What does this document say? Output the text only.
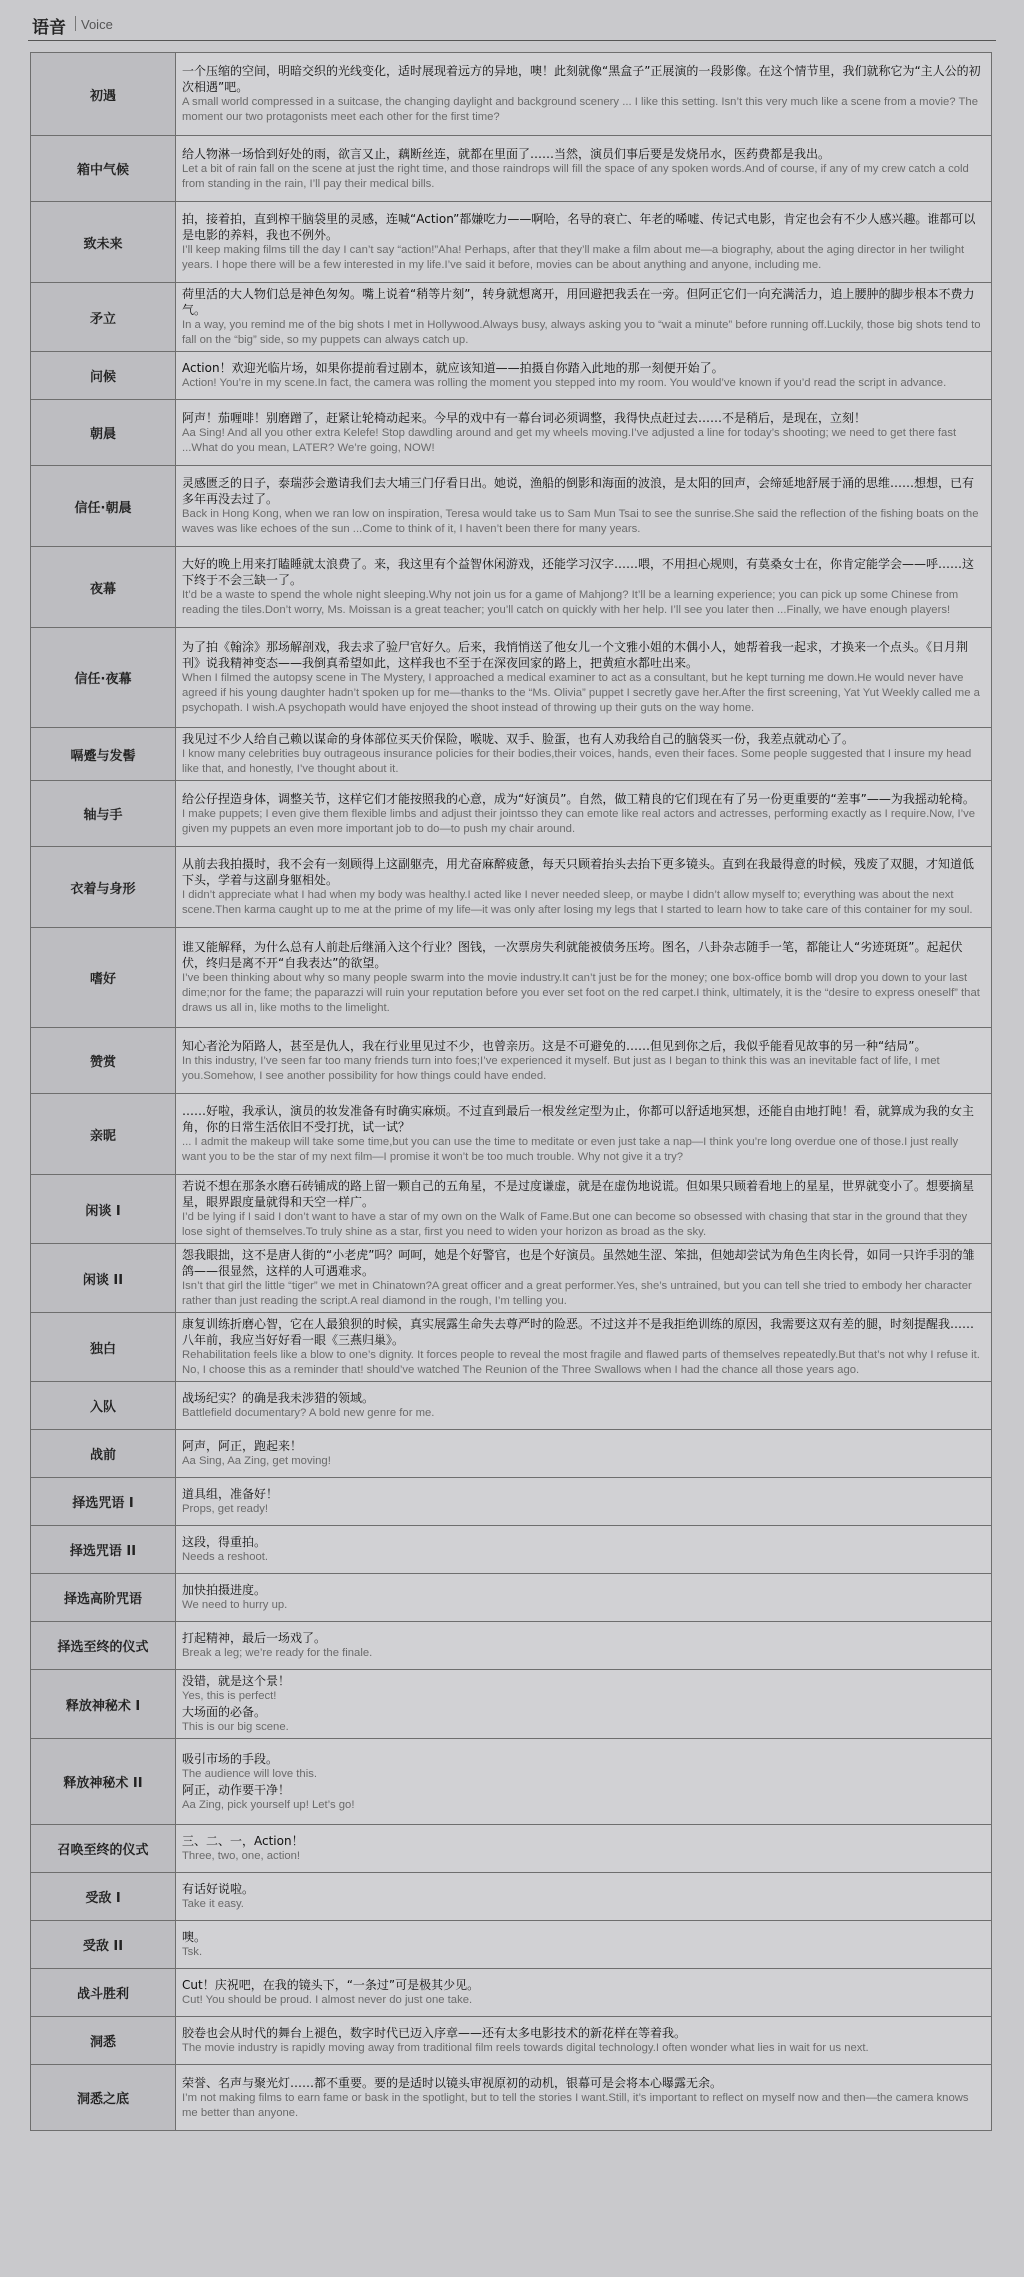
语音 Voice
初遇	一个压缩的空间，明暗交织的光线变化，适时展现着远方的异地，噢！此刻就像“黑盒子”正展演的一段影像。在这个情节里，我们就称它为“主人公的初次相遇”吧。
A small world compressed in a suitcase, the changing daylight and background scenery ... I like this setting. Isn’t this very much like a scene from a movie? The moment our two protagonists meet each other for the first time?

箱中气候	给人物淋一场恰到好处的雨，欲言又止，藕断丝连，就都在里面了……当然，演员们事后要是发烧吊水，医药费都是我出。
Let a bit of rain fall on the scene at just the right time, and those raindrops will fill the space of any spoken words.And of course, if any of my crew catch a cold from standing in the rain, I’ll pay their medical bills.

致未来	拍，接着拍，直到榨干脑袋里的灵感，连喊“Action”都嫌吃力——啊哈，名导的衰亡、年老的唏嘘、传记式电影，肯定也会有不少人感兴趣。谁都可以是电影的养料，我也不例外。
I’ll keep making films till the day I can’t say “action!”Aha! Perhaps, after that they’ll make a film about me—a biography, about the aging director in her twilight years. I hope there will be a few interested in my life.I’ve said it before, movies can be about anything and anyone, including me.

矛立	荷里活的大人物们总是神色匆匆。嘴上说着“稍等片刻”，转身就想离开，用回避把我丢在一旁。但阿正它们一向充满活力，追上腰肿的脚步根本不费力气。
In a way, you remind me of the big shots I met in Hollywood.Always busy, always asking you to “wait a minute” before running off.Luckily, those big shots tend to fall on the “big” side, so my puppets can always catch up.

问候	Action！欢迎光临片场，如果你提前看过剧本，就应该知道——拍摄自你踏入此地的那一刻便开始了。
Action! You’re in my scene.In fact, the camera was rolling the moment you stepped into my room. You would’ve known if you’d read the script in advance.

朝晨	阿声！茄喱啡！别磨蹭了，赶紧让轮椅动起来。今早的戏中有一幕台词必须调整，我得快点赶过去……不是稍后，是现在，立刻！
Aa Sing! And all you other extra Kelefe! Stop dawdling around and get my wheels moving.I’ve adjusted a line for today’s shooting; we need to get there fast ...What do you mean, LATER? We’re going, NOW!

信任·朝晨	灵感匮乏的日子，泰瑞莎会邀请我们去大埔三门仔看日出。她说，渔船的倒影和海面的波浪，是太阳的回声，会缔延地舒展于涌的思维……想想，已有多年再没去过了。
Back in Hong Kong, when we ran low on inspiration, Teresa would take us to Sam Mun Tsai to see the sunrise.She said the reflection of the fishing boats on the waves was like echoes of the sun ...Come to think of it, I haven’t been there for many years.

夜幕	大好的晚上用来打瞌睡就太浪费了。来，我这里有个益智休闲游戏，还能学习汉字……喂，不用担心规则，有莫桑女士在，你肯定能学会——呼……这下终于不会三缺一了。
It’d be a waste to spend the whole night sleeping.Why not join us for a game of Mahjong? It’ll be a learning experience; you can pick up some Chinese from reading the tiles.Don’t worry, Ms. Moissan is a great teacher; you’ll catch on quickly with her help. I’ll see you later then ...Finally, we have enough players!

信任·夜幕	为了拍《翰涂》那场解剖戏，我去求了验尸官好久。后来，我悄悄送了他女儿一个文雅小姐的木偶小人，她帮着我一起求，才换来一个点头。《日月荆刊》说我精神变态——我倒真希望如此，这样我也不至于在深夜回家的路上，把黄疸水都吐出来。
When I filmed the autopsy scene in The Mystery, I approached a medical examiner to act as a consultant, but he kept turning me down.He would never have agreed if his young daughter hadn’t spoken up for me—thanks to the “Ms. Olivia” puppet I secretly gave her.After the first screening, Yat Yut Weekly called me a psychopath. I wish.A psychopath would have enjoyed the shoot instead of throwing up their guts on the way home.

嗝蹙与发髻	我见过不少人给自己赖以谋命的身体部位买天价保险，喉咙、双手、脸蛋，也有人劝我给自己的脑袋买一份，我差点就动心了。
I know many celebrities buy outrageous insurance policies for their bodies,their voices, hands, even their faces. Some people suggested that I insure my head like that, and honestly, I’ve thought about it.

轴与手	给公仔捏造身体，调整关节，这样它们才能按照我的心意，成为“好演员”。自然，做工精良的它们现在有了另一份更重要的“差事”——为我摇动轮椅。
I make puppets; I even give them flexible limbs and adjust their jointsso they can emote like real actors and actresses, performing exactly as I require.Now, I’ve given my puppets an even more important job to do—to push my chair around.

衣着与身形	从前去我拍摄时，我不会有一刻顾得上这副躯壳，用尤奋麻醉疲惫，每天只顾着抬头去抬下更多镜头。直到在我最得意的时候，残废了双腿，才知道低下头，学着与这副身躯相处。
I didn’t appreciate what I had when my body was healthy.I acted like I never needed sleep, or maybe I didn’t allow myself to; everything was about the next scene.Then karma caught up to me at the prime of my life—it was only after losing my legs that I started to learn how to take care of this container for my soul.

嗜好	谁又能解释，为什么总有人前赴后继涌入这个行业？图钱，一次票房失利就能被债务压垮。图名，八卦杂志随手一笔，都能让人“劣迹斑斑”。起起伏伏，终归是离不开“自我表达”的欲望。
I’ve been thinking about why so many people swarm into the movie industry.It can’t just be for the money; one box-office bomb will drop you down to your last dime;nor for the fame; the paparazzi will ruin your reputation before you ever set foot on the red carpet.I think, ultimately, it is the “desire to express oneself” that draws us all in, like moths to the limelight.

赞赏	知心者沦为陌路人，甚至是仇人，我在行业里见过不少，也曾亲历。这是不可避免的……但见到你之后，我似乎能看见故事的另一种“结局”。
In this industry, I’ve seen far too many friends turn into foes;I’ve experienced it myself. But just as I began to think this was an inevitable fact of life, I met you.Somehow, I see another possibility for how things could have ended.

亲昵	……好啦，我承认，演员的妆发准备有时确实麻烦。不过直到最后一根发丝定型为止，你都可以舒适地冥想，还能自由地打盹！看，就算成为我的女主角，你的日常生活依旧不受打扰，试一试？
... I admit the makeup will take some time,but you can use the time to meditate or even just take a nap—I think you’re long overdue one of those.I just really want you to be the star of my next film—I promise it won’t be too much trouble. Why not give it a try?

闲谈 I	若说不想在那条水磨石砖铺成的路上留一颗自己的五角星，不是过度谦虚，就是在虚伪地说谎。但如果只顾着看地上的星星，世界就变小了。想要摘星星，眼界跟度量就得和天空一样广。
I’d be lying if I said I don’t want to have a star of my own on the Walk of Fame.But one can become so obsessed with chasing that star in the ground that they lose sight of themselves.To truly shine as a star, first you need to widen your horizon as broad as the sky.

闲谈 II	怨我眼拙，这不是唐人街的“小老虎”吗？呵呵，她是个好警官，也是个好演员。虽然她生涩、笨拙，但她却尝试为角色生肉长骨，如同一只许手羽的雏鸽——很显然，这样的人可遇难求。
Isn’t that girl the little “tiger” we met in Chinatown?A great officer and a great performer.Yes, she’s untrained, but you can tell she tried to embody her character rather than just reading the script.A real diamond in the rough, I’m telling you.

独白	康复训练折磨心智，它在人最狼狈的时候，真实展露生命失去尊严时的险恶。不过这并不是我拒绝训练的原因，我需要这双有差的腿，时刻提醒我……八年前，我应当好好看一眼《三燕归巢》。
Rehabilitation feels like a blow to one’s dignity. It forces people to reveal the most fragile and flawed parts of themselves repeatedly.But that’s not why I refuse it. No, I choose this as a reminder that! should’ve watched The Reunion of the Three Swallows when I had the chance all those years ago.

入队	战场纪实？的确是我未涉猎的领域。
Battlefield documentary? A bold new genre for me.

战前	阿声，阿正，跑起来！
Aa Sing, Aa Zing, get moving!

择选咒语 I	道具组，准备好！
Props, get ready!

择选咒语 II	这段，得重拍。
Needs a reshoot.

择选高阶咒语	加快拍摄进度。
We need to hurry up.

择选至终的仪式	打起精神，最后一场戏了。
Break a leg; we’re ready for the finale.

释放神秘术 I	没错，就是这个景！
Yes, this is perfect!
大场面的必备。
This is our big scene.

释放神秘术 II	吸引市场的手段。
The audience will love this.
阿正，动作要干净！
Aa Zing, pick yourself up! Let’s go!

召唤至终的仪式	三、二、一，Action！
Three, two, one, action!

受敌 I	有话好说啦。
Take it easy.

受敌 II	噢。
Tsk.

战斗胜利	Cut！庆祝吧，在我的镜头下，“一条过”可是极其少见。
Cut! You should be proud. I almost never do just one take.

洞悉	胶卷也会从时代的舞台上褪色，数字时代已迈入序章——还有太多电影技术的新花样在等着我。
The movie industry is rapidly moving away from traditional film reels towards digital technology.I often wonder what lies in wait for us next.

洞悉之底	荣誉、名声与聚光灯……都不重要。要的是适时以镜头审视原初的动机，银幕可是会将本心曝露无余。
I’m not making films to earn fame or bask in the spotlight, but to tell the stories I want.Still, it’s important to reflect on myself now and then—the camera knows me better than anyone.
